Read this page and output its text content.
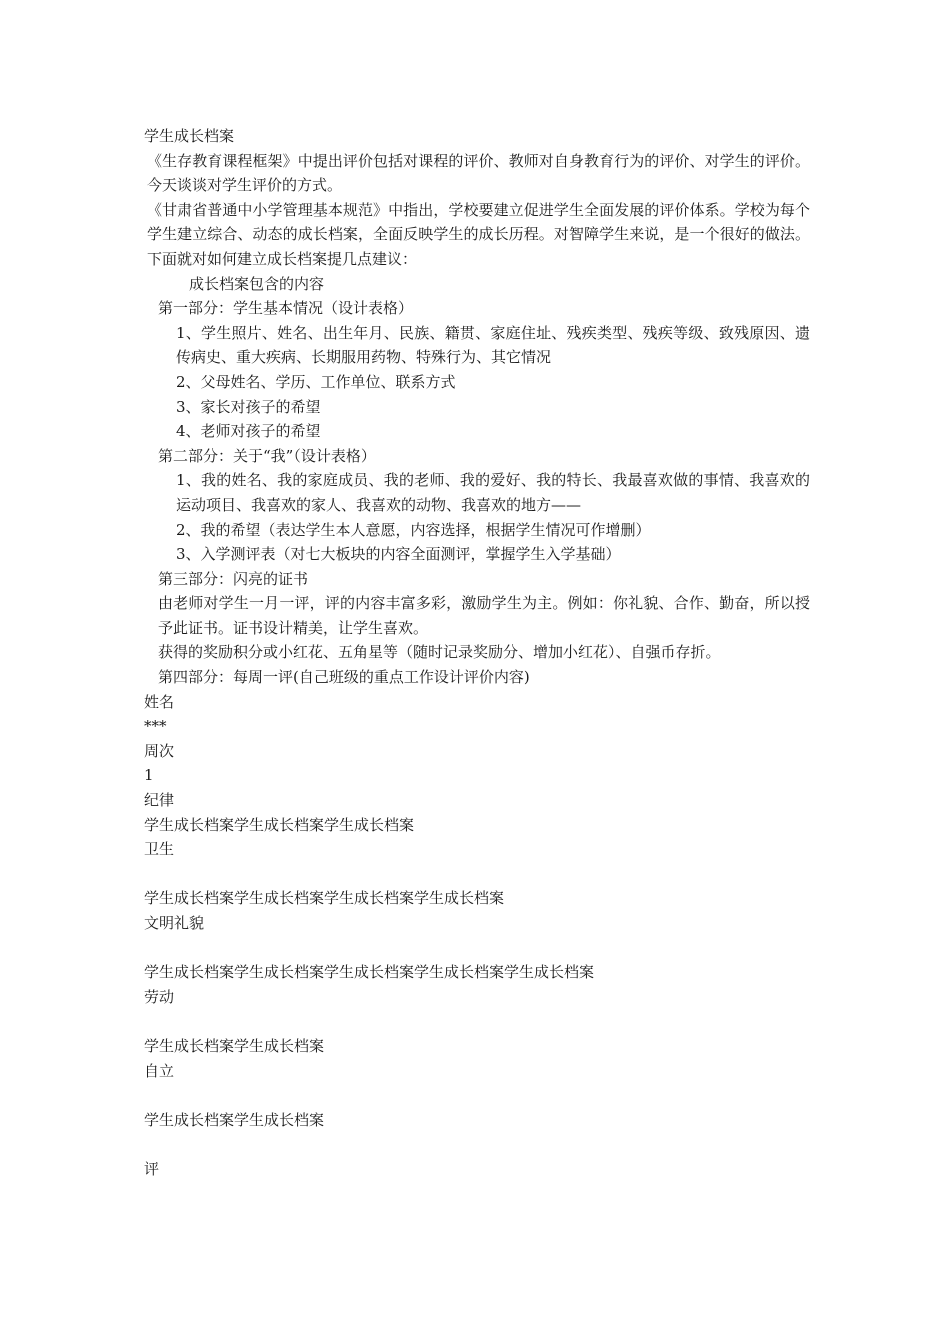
学生成长档案
《生存教育课程框架》中提出评价包括对课程的评价、教师对自身教育行为的评价、对学生的评价。今天谈谈对学生评价的方式。
《甘肃省普通中小学管理基本规范》中指出，学校要建立促进学生全面发展的评价体系。学校为每个学生建立综合、动态的成长档案，全面反映学生的成长历程。对智障学生来说，是一个很好的做法。下面就对如何建立成长档案提几点建议：
成长档案包含的内容
第一部分：学生基本情况（设计表格）
1、学生照片、姓名、出生年月、民族、籍贯、家庭住址、残疾类型、残疾等级、致残原因、遗传病史、重大疾病、长期服用药物、特殊行为、其它情况
2、父母姓名、学历、工作单位、联系方式
3、家长对孩子的希望
4、老师对孩子的希望
第二部分：关于“我”（设计表格）
1、我的姓名、我的家庭成员、我的老师、我的爱好、我的特长、我最喜欢做的事情、我喜欢的运动项目、我喜欢的家人、我喜欢的动物、我喜欢的地方——
2、我的希望（表达学生本人意愿，内容选择，根据学生情况可作增删）
3、入学测评表（对七大板块的内容全面测评，掌握学生入学基础）
第三部分：闪亮的证书
由老师对学生一月一评，评的内容丰富多彩，激励学生为主。例如：你礼貌、合作、勤奋，所以授予此证书。证书设计精美，让学生喜欢。
获得的奖励积分或小红花、五角星等（随时记录奖励分、增加小红花）、自强币存折。
第四部分：每周一评(自己班级的重点工作设计评价内容)
姓名
***
周次
1
纪律
学生成长档案学生成长档案学生成长档案
卫生
学生成长档案学生成长档案学生成长档案学生成长档案
文明礼貌
学生成长档案学生成长档案学生成长档案学生成长档案学生成长档案
劳动
学生成长档案学生成长档案
自立
学生成长档案学生成长档案
评
